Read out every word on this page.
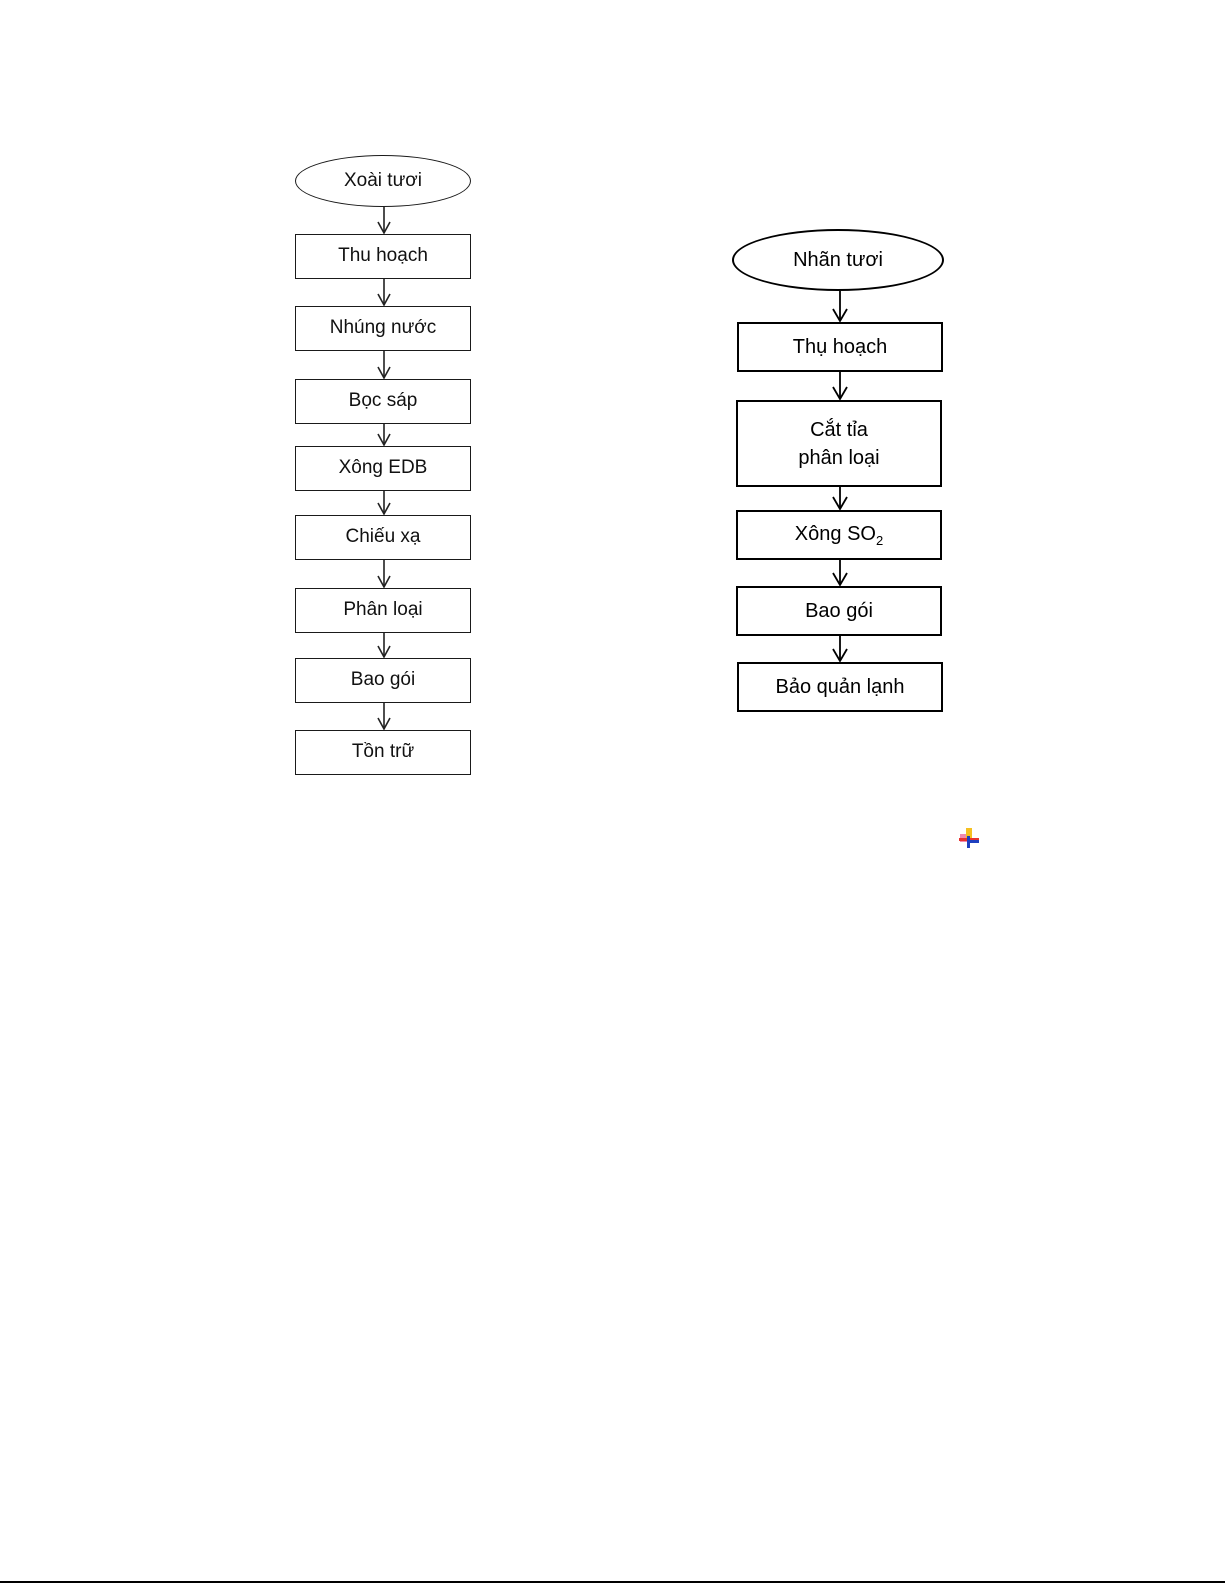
Xoài tươi
Thu hoạch
Nhúng nước
Bọc sáp
Xông EDB
Chiếu xạ
Phân loại
Bao gói
Tồn trữ
Nhãn tươi
Thụ hoạch
Cắt tỉa
phân loại
Xông $SO_2$
Bao gói
Bảo quản lạnh
